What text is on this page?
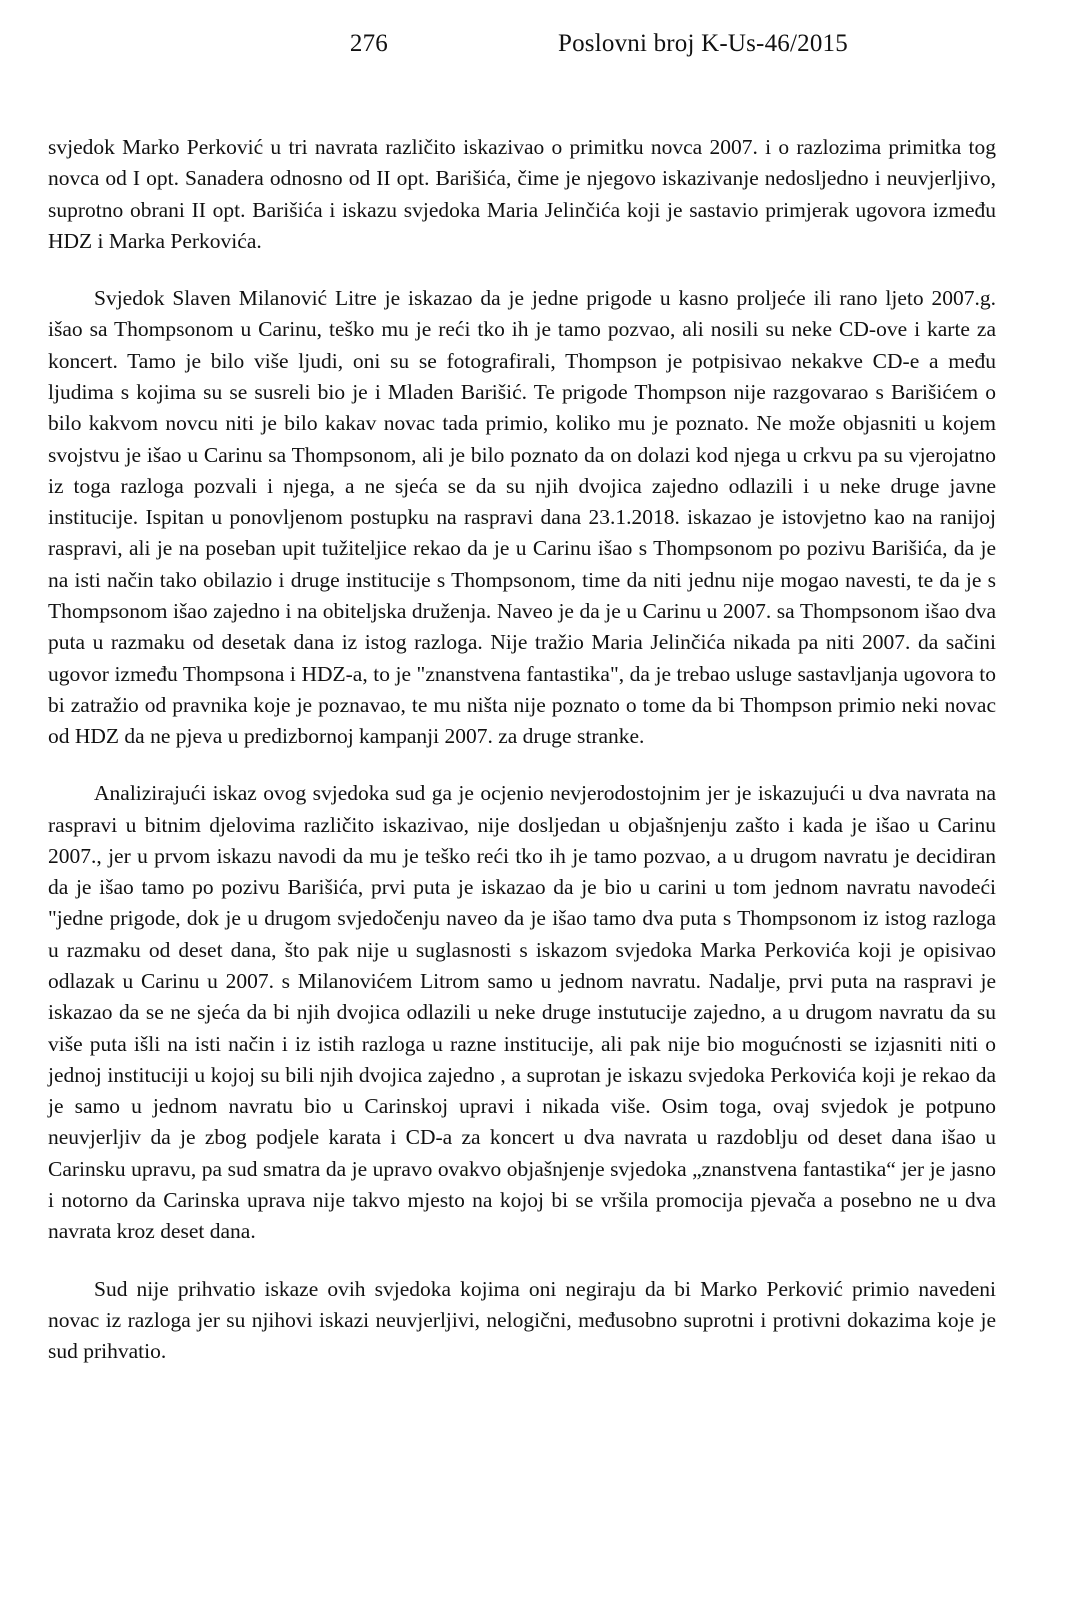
276	Poslovni broj K-Us-46/2015

svjedok Marko Perković u tri navrata različito iskazivao o primitku novca 2007. i o razlozima primitka tog novca od I opt. Sanadera odnosno od II opt. Barišića, čime je njegovo iskazivanje nedosljedno i neuvjerljivo, suprotno obrani II opt. Barišića i iskazu svjedoka Maria Jelinčića koji je sastavio primjerak ugovora između HDZ i Marka Perkovića.

Svjedok Slaven Milanović Litre je iskazao da je jedne prigode u kasno proljeće ili rano ljeto 2007.g. išao sa Thompsonom u Carinu, teško mu je reći tko ih je tamo pozvao, ali nosili su neke CD-ove i karte za koncert. Tamo je bilo više ljudi, oni su se fotografirali, Thompson je potpisivao nekakve CD-e a među ljudima s kojima su se susreli bio je i Mladen Barišić. Te prigode Thompson nije razgovarao s Barišićem o bilo kakvom novcu niti je bilo kakav novac tada primio, koliko mu je poznato. Ne može objasniti u kojem svojstvu je išao u Carinu sa Thompsonom, ali je bilo poznato da on dolazi kod njega u crkvu pa su vjerojatno iz toga razloga pozvali i njega, a ne sjeća se da su njih dvojica zajedno odlazili i u neke druge javne institucije. Ispitan u ponovljenom postupku na raspravi dana 23.1.2018. iskazao je istovjetno kao na ranijoj raspravi, ali je na poseban upit tužiteljice rekao da je u Carinu išao s Thompsonom po pozivu Barišića, da je na isti način tako obilazio i druge institucije s Thompsonom, time da niti jednu nije mogao navesti, te da je s Thompsonom išao zajedno i na obiteljska druženja. Naveo je da je u Carinu u 2007. sa Thompsonom išao dva puta u razmaku od desetak dana iz istog razloga. Nije tražio Maria Jelinčića nikada pa niti 2007. da sačini ugovor između Thompsona i HDZ-a, to je "znanstvena fantastika", da je trebao usluge sastavljanja ugovora to bi zatražio od pravnika koje je poznavao, te mu ništa nije poznato o tome da bi Thompson primio neki novac od HDZ da ne pjeva u predizbornoj kampanji 2007. za druge stranke.

Analizirajući iskaz ovog svjedoka sud ga je ocjenio nevjerodostojnim jer je iskazujući u dva navrata na raspravi u bitnim djelovima različito iskazivao, nije dosljedan u objašnjenju zašto i kada je išao u Carinu 2007., jer u prvom iskazu navodi da mu je teško reći tko ih je tamo pozvao, a u drugom navratu je decidiran da je išao tamo po pozivu Barišića, prvi puta je iskazao da je bio u carini u tom jednom navratu navodeći "jedne prigode, dok je u drugom svjedočenju naveo da je išao tamo dva puta s Thompsonom iz istog razloga u razmaku od deset dana, što pak nije u suglasnosti s iskazom svjedoka Marka Perkovića koji je opisivao odlazak u Carinu u 2007. s Milanovićem Litrom samo u jednom navratu. Nadalje, prvi puta na raspravi je iskazao da se ne sjeća da bi njih dvojica odlazili u neke druge instutucije zajedno, a u drugom navratu da su više puta išli na isti način i iz istih razloga u razne institucije, ali pak nije bio mogućnosti se izjasniti niti o jednoj instituciji u kojoj su bili njih dvojica zajedno , a suprotan je iskazu svjedoka Perkovića koji je rekao da je samo u jednom navratu bio u Carinskoj upravi i nikada više. Osim toga, ovaj svjedok je potpuno neuvjerljiv da je zbog podjele karata i CD-a za koncert u dva navrata u razdoblju od deset dana išao u Carinsku upravu, pa sud smatra da je upravo ovakvo objašnjenje svjedoka „znanstvena fantastika“ jer je jasno i notorno da Carinska uprava nije takvo mjesto na kojoj bi se vršila promocija pjevača a posebno ne u dva navrata kroz deset dana.

Sud nije prihvatio iskaze ovih svjedoka kojima oni negiraju da bi Marko Perković primio navedeni novac iz razloga jer su njihovi iskazi neuvjerljivi, nelogični, međusobno suprotni i protivni dokazima koje je sud prihvatio.
